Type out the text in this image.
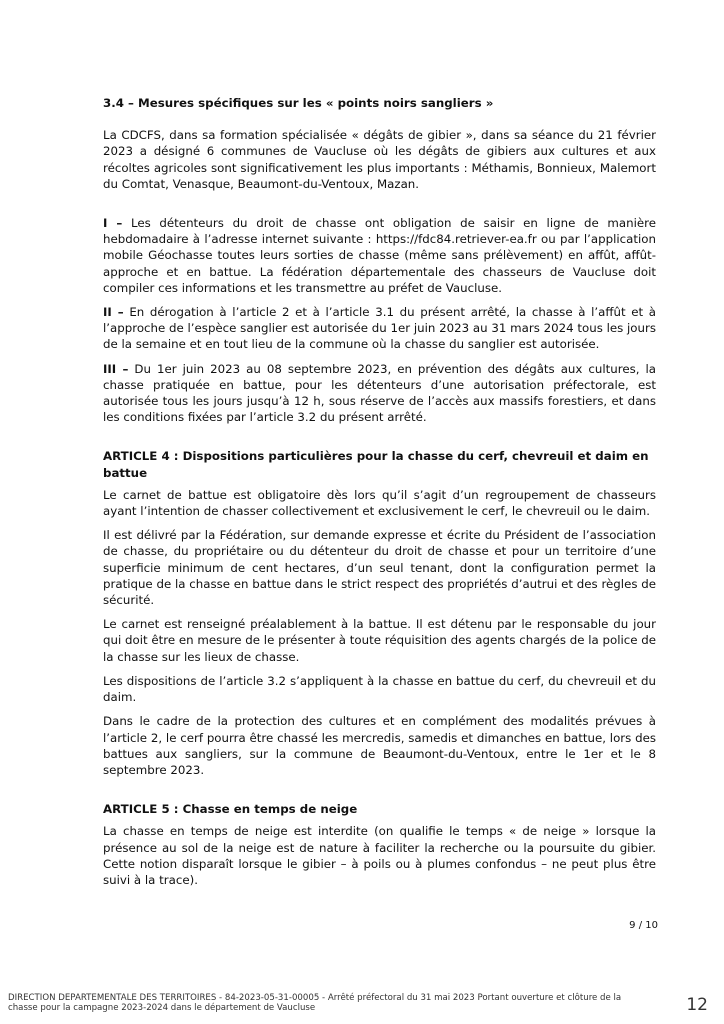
3.4 – Mesures spécifiques sur les « points noirs sangliers »

La CDCFS, dans sa formation spécialisée « dégâts de gibier », dans sa séance du 21 février 2023 a désigné 6 communes de Vaucluse où les dégâts de gibiers aux cultures et aux récoltes agricoles sont significativement les plus importants : Méthamis, Bonnieux, Malemort du Comtat, Venasque, Beaumont-du-Ventoux, Mazan.

I – Les détenteurs du droit de chasse ont obligation de saisir en ligne de manière hebdomadaire à l’adresse internet suivante : https://fdc84.retriever-ea.fr ou par l’application mobile Géochasse toutes leurs sorties de chasse (même sans prélèvement) en affût, affût-approche et en battue. La fédération départementale des chasseurs de Vaucluse doit compiler ces informations et les transmettre au préfet de Vaucluse.

II – En dérogation à l’article 2 et à l’article 3.1 du présent arrêté, la chasse à l’affût et à l’approche de l’espèce sanglier est autorisée du 1er juin 2023 au 31 mars 2024 tous les jours de la semaine et en tout lieu de la commune où la chasse du sanglier est autorisée.

III – Du 1er juin 2023 au 08 septembre 2023, en prévention des dégâts aux cultures, la chasse pratiquée en battue, pour les détenteurs d’une autorisation préfectorale, est autorisée tous les jours jusqu’à 12 h, sous réserve de l’accès aux massifs forestiers, et dans les conditions fixées par l’article 3.2 du présent arrêté.

ARTICLE 4 : Dispositions particulières pour la chasse du cerf, chevreuil et daim en battue

Le carnet de battue est obligatoire dès lors qu’il s’agit d’un regroupement de chasseurs ayant l’intention de chasser collectivement et exclusivement le cerf, le chevreuil ou le daim.

Il est délivré par la Fédération, sur demande expresse et écrite du Président de l’association de chasse, du propriétaire ou du détenteur du droit de chasse et pour un territoire d’une superficie minimum de cent hectares, d’un seul tenant, dont la configuration permet la pratique de la chasse en battue dans le strict respect des propriétés d’autrui et des règles de sécurité.

Le carnet est renseigné préalablement à la battue. Il est détenu par le responsable du jour qui doit être en mesure de le présenter à toute réquisition des agents chargés de la police de la chasse sur les lieux de chasse.

Les dispositions de l’article 3.2 s’appliquent à la chasse en battue du cerf, du chevreuil et du daim.

Dans le cadre de la protection des cultures et en complément des modalités prévues à l’article 2, le cerf pourra être chassé les mercredis, samedis et dimanches en battue, lors des battues aux sangliers, sur la commune de Beaumont-du-Ventoux, entre le 1er et le 8 septembre 2023.

ARTICLE 5 : Chasse en temps de neige

La chasse en temps de neige est interdite (on qualifie le temps « de neige » lorsque la présence au sol de la neige est de nature à faciliter la recherche ou la poursuite du gibier. Cette notion disparaît lorsque le gibier – à poils ou à plumes confondus – ne peut plus être suivi à la trace).

9 / 10
DIRECTION DEPARTEMENTALE DES TERRITOIRES - 84-2023-05-31-00005 - Arrêté préfectoral du 31 mai 2023 Portant ouverture et clôture de la chasse pour la campagne 2023-2024 dans le département de Vaucluse	12
